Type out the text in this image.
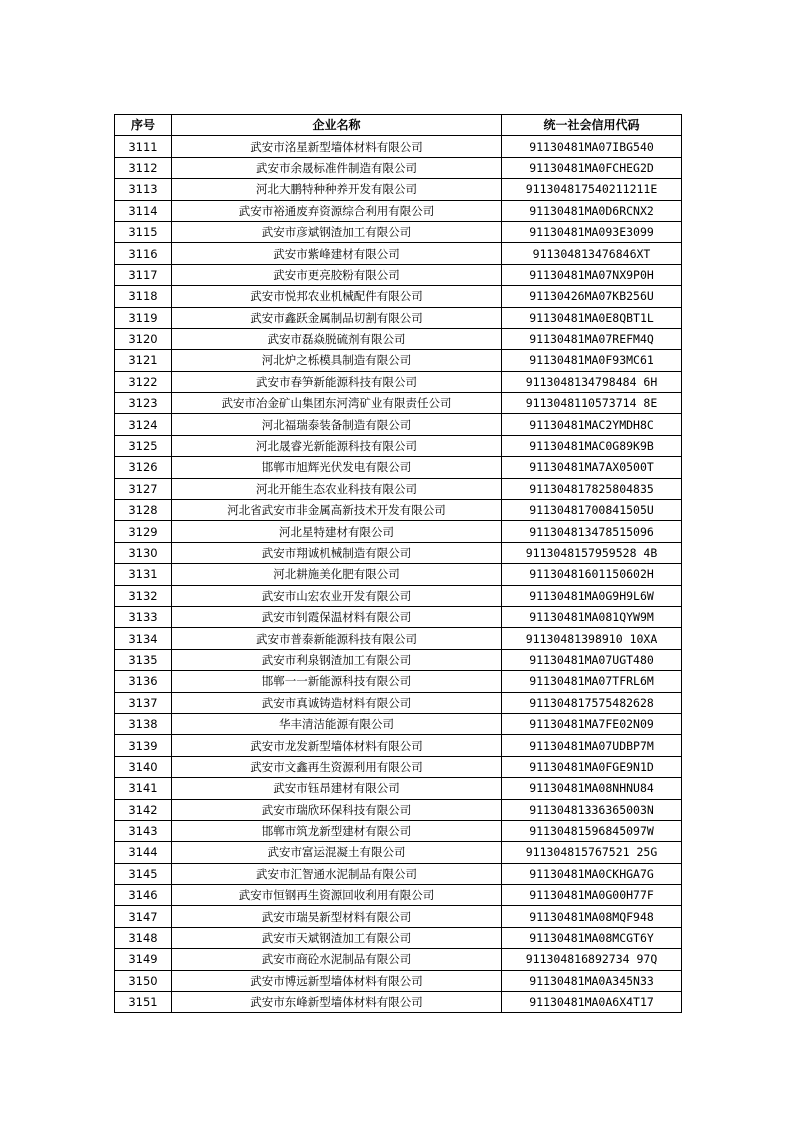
序号	企业名称	统一社会信用代码
3111	武安市洺星新型墙体材料有限公司	91130481MA07IBG540
3112	武安市余晟标准件制造有限公司	91130481MA0FCHEG2D
3113	河北大鹏特种种养开发有限公司	911304817540211211E
3114	武安市裕通废弃资源综合利用有限公司	91130481MA0D6RCNX2
3115	武安市彦斌钢渣加工有限公司	91130481MA093E3099
3116	武安市紫峰建材有限公司	911304813476846XT
3117	武安市更亮胶粉有限公司	91130481MA07NX9P0H
3118	武安市悦邦农业机械配件有限公司	91130426MA07KB256U
3119	武安市鑫跃金属制品切割有限公司	91130481MA0E8QBT1L
3120	武安市磊焱脱硫剂有限公司	91130481MA07REFM4Q
3121	河北炉之栎模具制造有限公司	91130481MA0F93MC61
3122	武安市春笋新能源科技有限公司	9113048134798484 6H
3123	武安市冶金矿山集团东河湾矿业有限责任公司	9113048110573714 8E
3124	河北福瑞泰装备制造有限公司	91130481MAC2YMDH8C
3125	河北晟睿光新能源科技有限公司	91130481MAC0G89K9B
3126	邯郸市旭辉光伏发电有限公司	91130481MA7AX0500T
3127	河北开能生态农业科技有限公司	911304817825804835
3128	河北省武安市非金属高新技术开发有限公司	91130481700841505U
3129	河北星特建材有限公司	911304813478515096
3130	武安市翔诚机械制造有限公司	9113048157959528 4B
3131	河北耕施美化肥有限公司	91130481601150602H
3132	武安市山宏农业开发有限公司	91130481MA0G9H9L6W
3133	武安市钊霞保温材料有限公司	91130481MA081QYW9M
3134	武安市普泰新能源科技有限公司	91130481398910 10XA
3135	武安市利泉钢渣加工有限公司	91130481MA07UGT480
3136	邯郸一一新能源科技有限公司	91130481MA07TFRL6M
3137	武安市真诚铸造材料有限公司	911304817575482628
3138	华丰清洁能源有限公司	91130481MA7FE02N09
3139	武安市龙发新型墙体材料有限公司	91130481MA07UDBP7M
3140	武安市文鑫再生资源利用有限公司	91130481MA0FGE9N1D
3141	武安市钰昂建材有限公司	91130481MA08NHNU84
3142	武安市瑞欣环保科技有限公司	91130481336365003N
3143	邯郸市筑龙新型建材有限公司	91130481596845097W
3144	武安市富运混凝土有限公司	911304815767521 25G
3145	武安市汇智通水泥制品有限公司	91130481MA0CKHGA7G
3146	武安市恒钢再生资源回收利用有限公司	91130481MA0G00H77F
3147	武安市瑞昊新型材料有限公司	91130481MA08MQF948
3148	武安市天斌钢渣加工有限公司	91130481MA08MCGT6Y
3149	武安市商砼水泥制品有限公司	911304816892734 97Q
3150	武安市博远新型墙体材料有限公司	91130481MA0A345N33
3151	武安市东峰新型墙体材料有限公司	91130481MA0A6X4T17
